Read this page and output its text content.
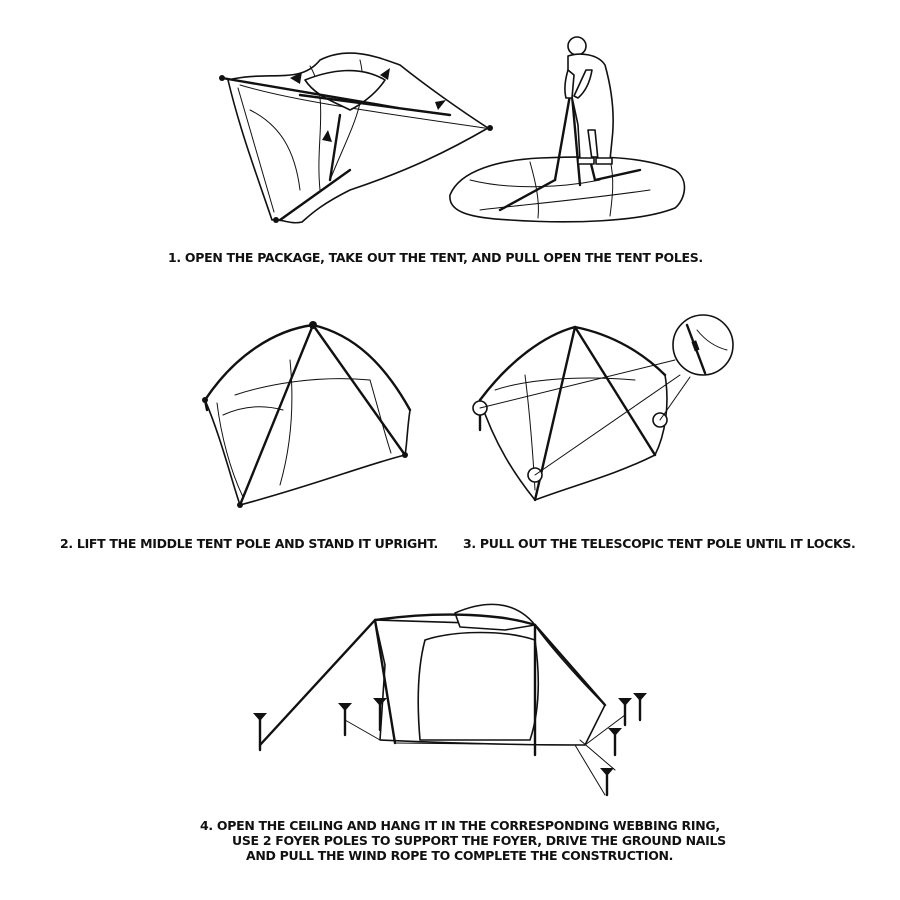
1. OPEN THE PACKAGE, TAKE OUT THE TENT, AND PULL OPEN THE TENT POLES.
2. LIFT THE MIDDLE TENT POLE AND STAND IT UPRIGHT. 3. PULL OUT THE TELESCOPIC TENT POLE UNTIL IT LOCKS.
4. OPEN THE CEILING AND HANG IT IN THE CORRESPONDING WEBBING RING,
USE 2 FOYER POLES TO SUPPORT THE FOYER, DRIVE THE GROUND NAILS
AND PULL THE WIND ROPE TO COMPLETE THE CONSTRUCTION.
